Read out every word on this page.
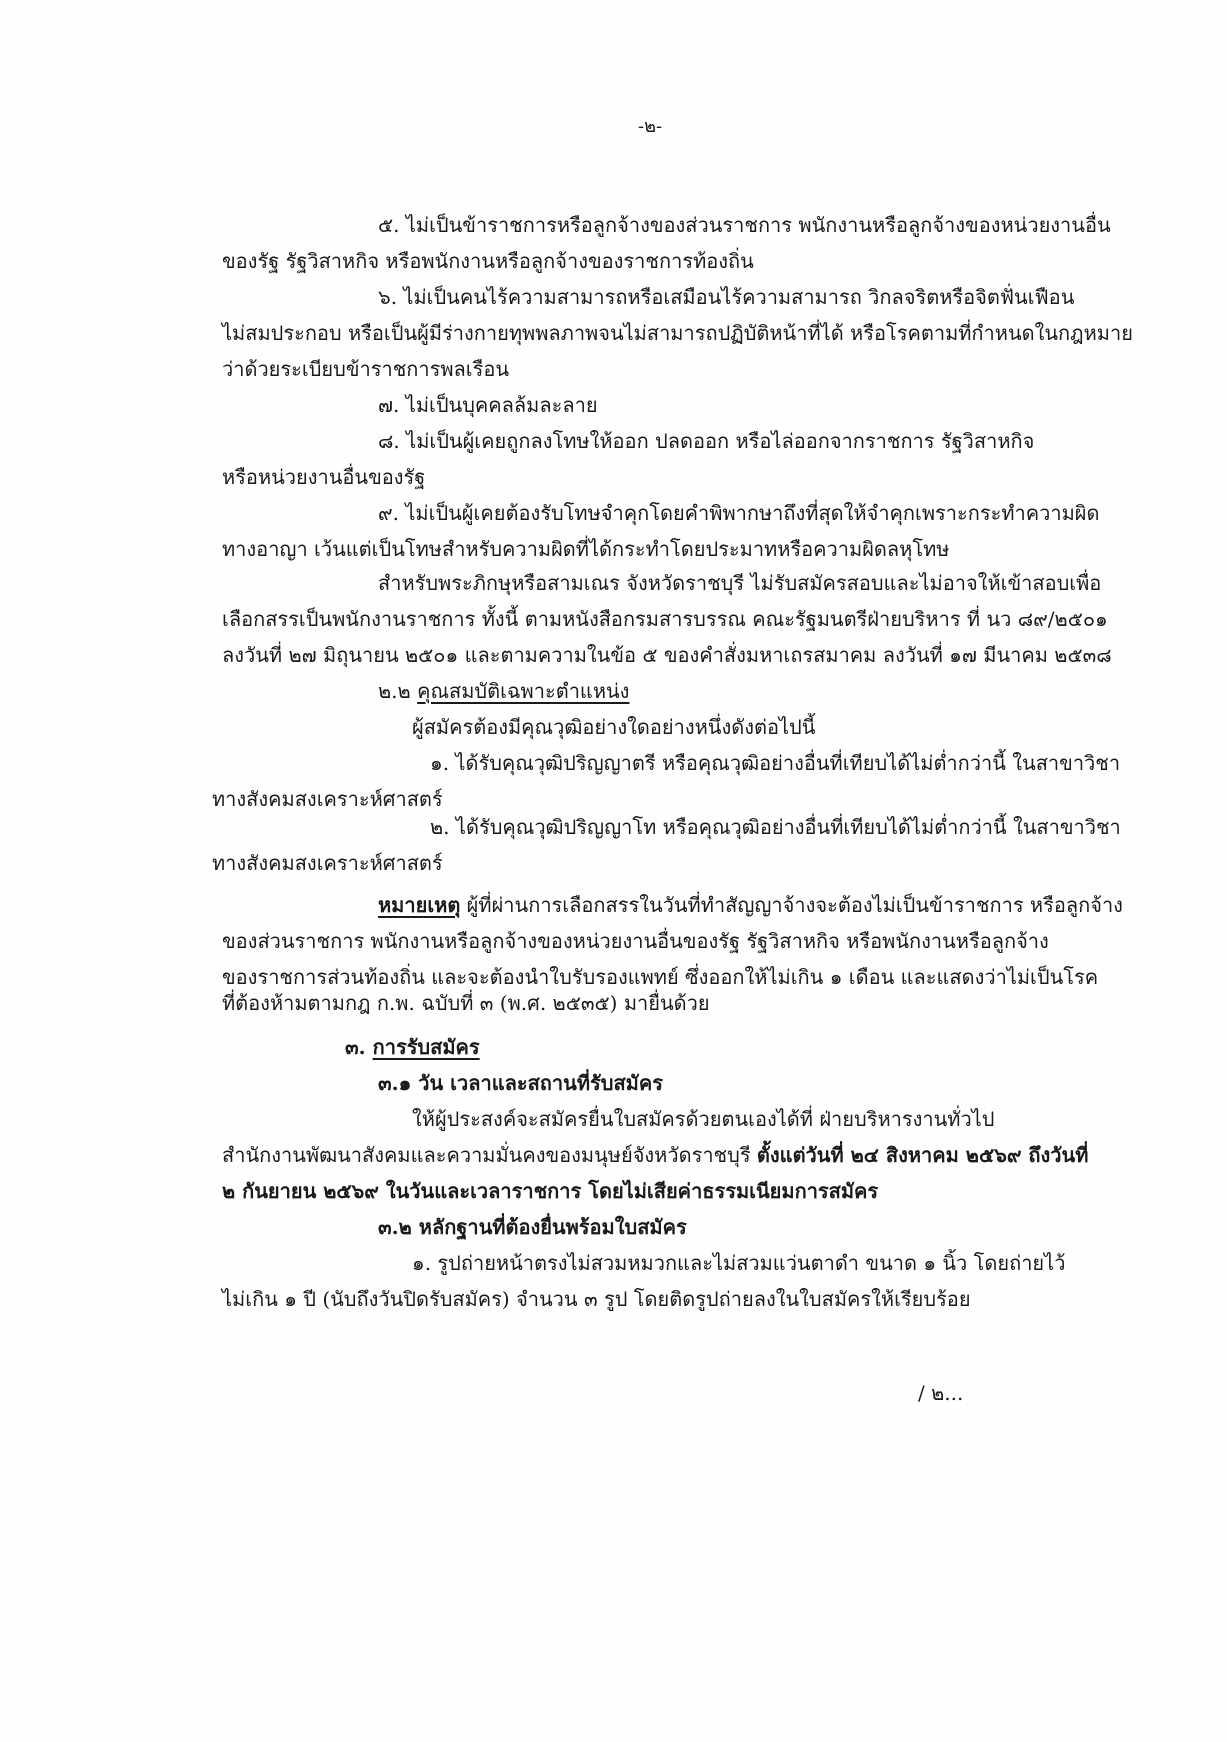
-๒-
๕. ไม่เป็นข้าราชการหรือลูกจ้างของส่วนราชการ พนักงานหรือลูกจ้างของหน่วยงานอื่น
ของรัฐ รัฐวิสาหกิจ หรือพนักงานหรือลูกจ้างของราชการท้องถิ่น
๖. ไม่เป็นคนไร้ความสามารถหรือเสมือนไร้ความสามารถ วิกลจริตหรือจิตฟั่นเฟือน
ไม่สมประกอบ หรือเป็นผู้มีร่างกายทุพพลภาพจนไม่สามารถปฏิบัติหน้าที่ได้ หรือโรคตามที่กำหนดในกฎหมาย
ว่าด้วยระเบียบข้าราชการพลเรือน
๗. ไม่เป็นบุคคลล้มละลาย
๘. ไม่เป็นผู้เคยถูกลงโทษให้ออก ปลดออก หรือไล่ออกจากราชการ รัฐวิสาหกิจ
หรือหน่วยงานอื่นของรัฐ
๙. ไม่เป็นผู้เคยต้องรับโทษจำคุกโดยคำพิพากษาถึงที่สุดให้จำคุกเพราะกระทำความผิด
ทางอาญา เว้นแต่เป็นโทษสำหรับความผิดที่ได้กระทำโดยประมาทหรือความผิดลหุโทษ
สำหรับพระภิกษุหรือสามเณร จังหวัดราชบุรี ไม่รับสมัครสอบและไม่อาจให้เข้าสอบเพื่อ
เลือกสรรเป็นพนักงานราชการ ทั้งนี้ ตามหนังสือกรมสารบรรณ คณะรัฐมนตรีฝ่ายบริหาร ที่ นว ๘๙/๒๕๐๑
ลงวันที่ ๒๗ มิถุนายน ๒๕๐๑ และตามความในข้อ ๕ ของคำสั่งมหาเถรสมาคม ลงวันที่ ๑๗ มีนาคม ๒๕๓๘
๒.๒ คุณสมบัติเฉพาะตำแหน่ง
ผู้สมัครต้องมีคุณวุฒิอย่างใดอย่างหนึ่งดังต่อไปนี้
๑. ได้รับคุณวุฒิปริญญาตรี หรือคุณวุฒิอย่างอื่นที่เทียบได้ไม่ต่ำกว่านี้ ในสาขาวิชา
ทางสังคมสงเคราะห์ศาสตร์
๒. ได้รับคุณวุฒิปริญญาโท หรือคุณวุฒิอย่างอื่นที่เทียบได้ไม่ต่ำกว่านี้ ในสาขาวิชา
ทางสังคมสงเคราะห์ศาสตร์
หมายเหตุ ผู้ที่ผ่านการเลือกสรรในวันที่ทำสัญญาจ้างจะต้องไม่เป็นข้าราชการ หรือลูกจ้าง
ของส่วนราชการ พนักงานหรือลูกจ้างของหน่วยงานอื่นของรัฐ รัฐวิสาหกิจ หรือพนักงานหรือลูกจ้าง
ของราชการส่วนท้องถิ่น และจะต้องนำใบรับรองแพทย์ ซึ่งออกให้ไม่เกิน ๑ เดือน และแสดงว่าไม่เป็นโรค
ที่ต้องห้ามตามกฎ ก.พ. ฉบับที่ ๓ (พ.ศ. ๒๕๓๕) มายื่นด้วย
๓. การรับสมัคร
๓.๑ วัน เวลาและสถานที่รับสมัคร
ให้ผู้ประสงค์จะสมัครยื่นใบสมัครด้วยตนเองได้ที่ ฝ่ายบริหารงานทั่วไป
สำนักงานพัฒนาสังคมและความมั่นคงของมนุษย์จังหวัดราชบุรี ตั้งแต่วันที่ ๒๔ สิงหาคม ๒๕๖๙ ถึงวันที่
๒ กันยายน ๒๕๖๙ ในวันและเวลาราชการ โดยไม่เสียค่าธรรมเนียมการสมัคร
๓.๒ หลักฐานที่ต้องยื่นพร้อมใบสมัคร
๑. รูปถ่ายหน้าตรงไม่สวมหมวกและไม่สวมแว่นตาดำ ขนาด ๑ นิ้ว โดยถ่ายไว้
ไม่เกิน ๑ ปี (นับถึงวันปิดรับสมัคร) จำนวน ๓ รูป โดยติดรูปถ่ายลงในใบสมัครให้เรียบร้อย
/ ๒...
